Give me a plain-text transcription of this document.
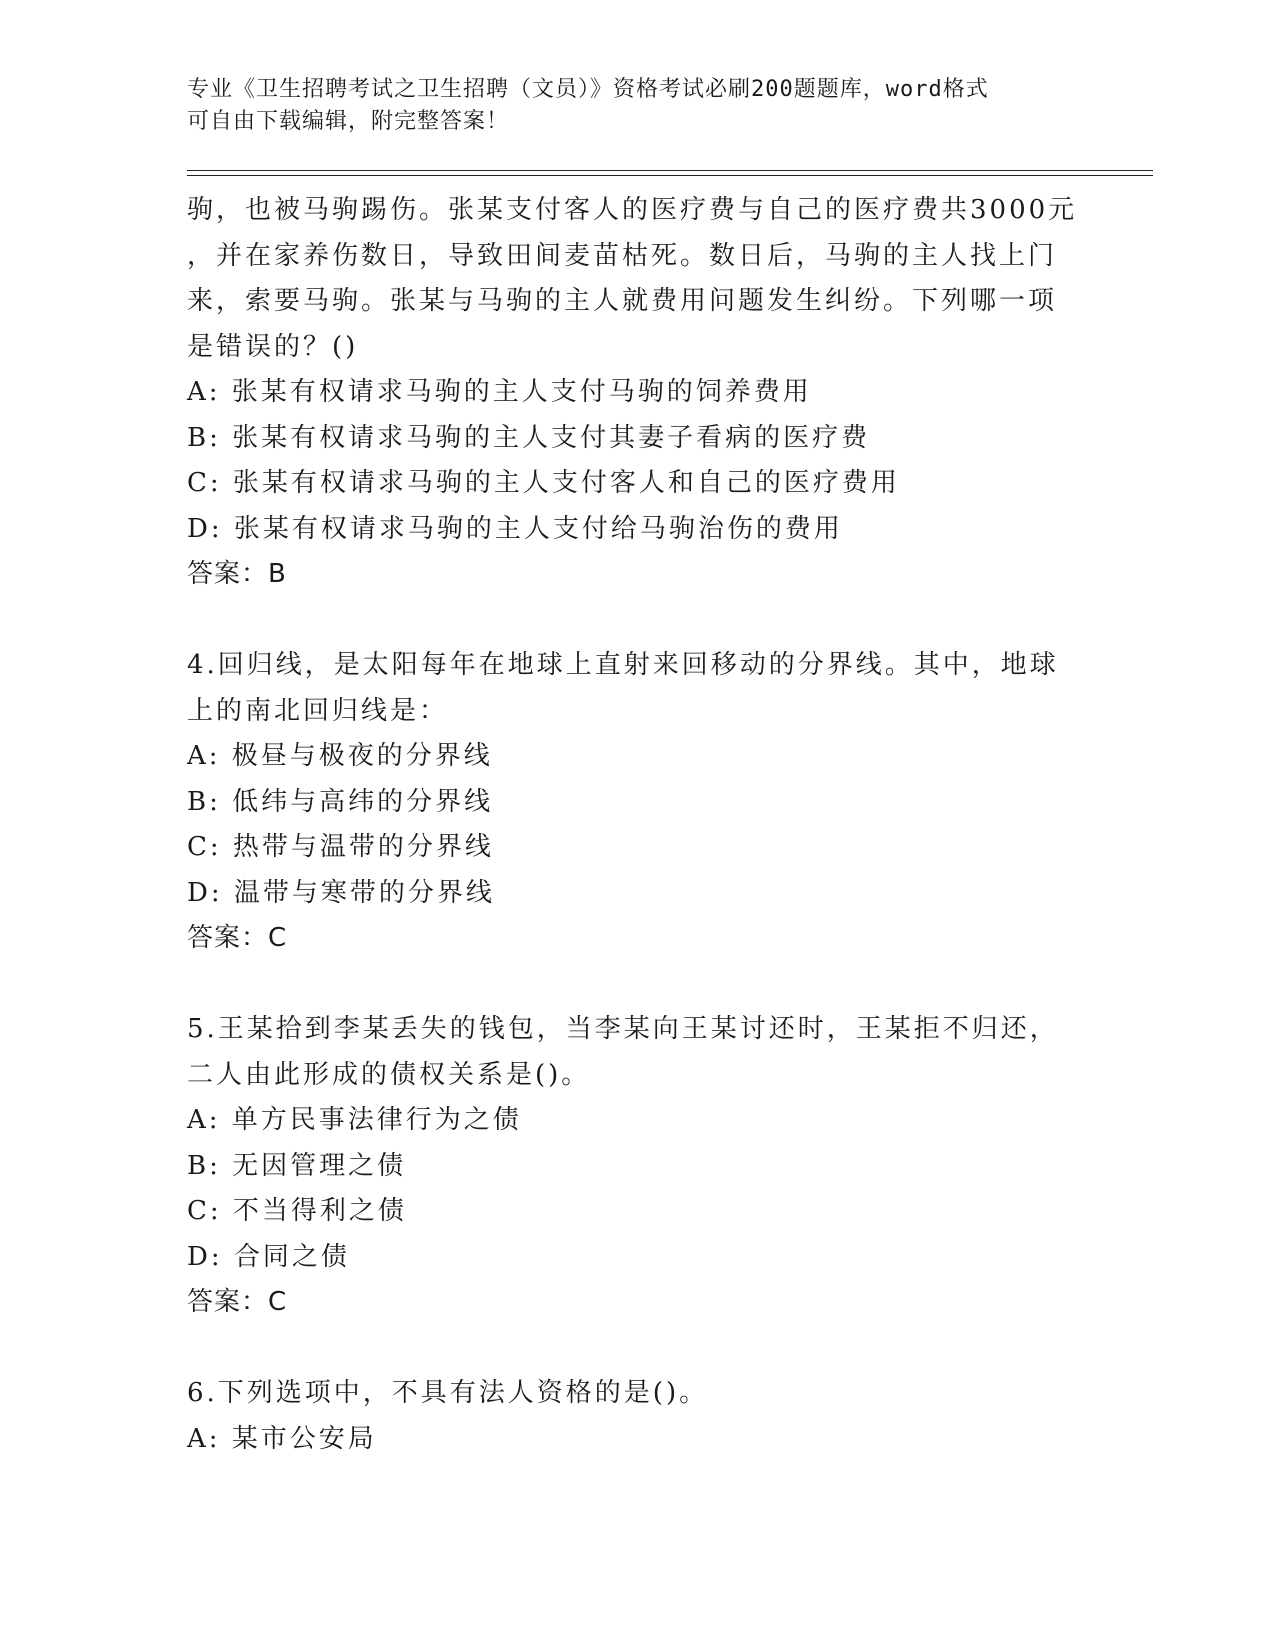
专业《卫生招聘考试之卫生招聘（文员）》资格考试必刷200题题库，word格式
可自由下载编辑，附完整答案！
驹，也被马驹踢伤。张某支付客人的医疗费与自己的医疗费共3000元
，并在家养伤数日，导致田间麦苗枯死。数日后，马驹的主人找上门
来，索要马驹。张某与马驹的主人就费用问题发生纠纷。下列哪一项
是错误的？()
A: 张某有权请求马驹的主人支付马驹的饲养费用
B: 张某有权请求马驹的主人支付其妻子看病的医疗费
C: 张某有权请求马驹的主人支付客人和自己的医疗费用
D: 张某有权请求马驹的主人支付给马驹治伤的费用
答案：B
4.回归线，是太阳每年在地球上直射来回移动的分界线。其中，地球
上的南北回归线是：
A: 极昼与极夜的分界线
B: 低纬与高纬的分界线
C: 热带与温带的分界线
D: 温带与寒带的分界线
答案：C
5.王某拾到李某丢失的钱包，当李某向王某讨还时，王某拒不归还，
二人由此形成的债权关系是()。
A: 单方民事法律行为之债
B: 无因管理之债
C: 不当得利之债
D: 合同之债
答案：C
6.下列选项中，不具有法人资格的是()。
A: 某市公安局
